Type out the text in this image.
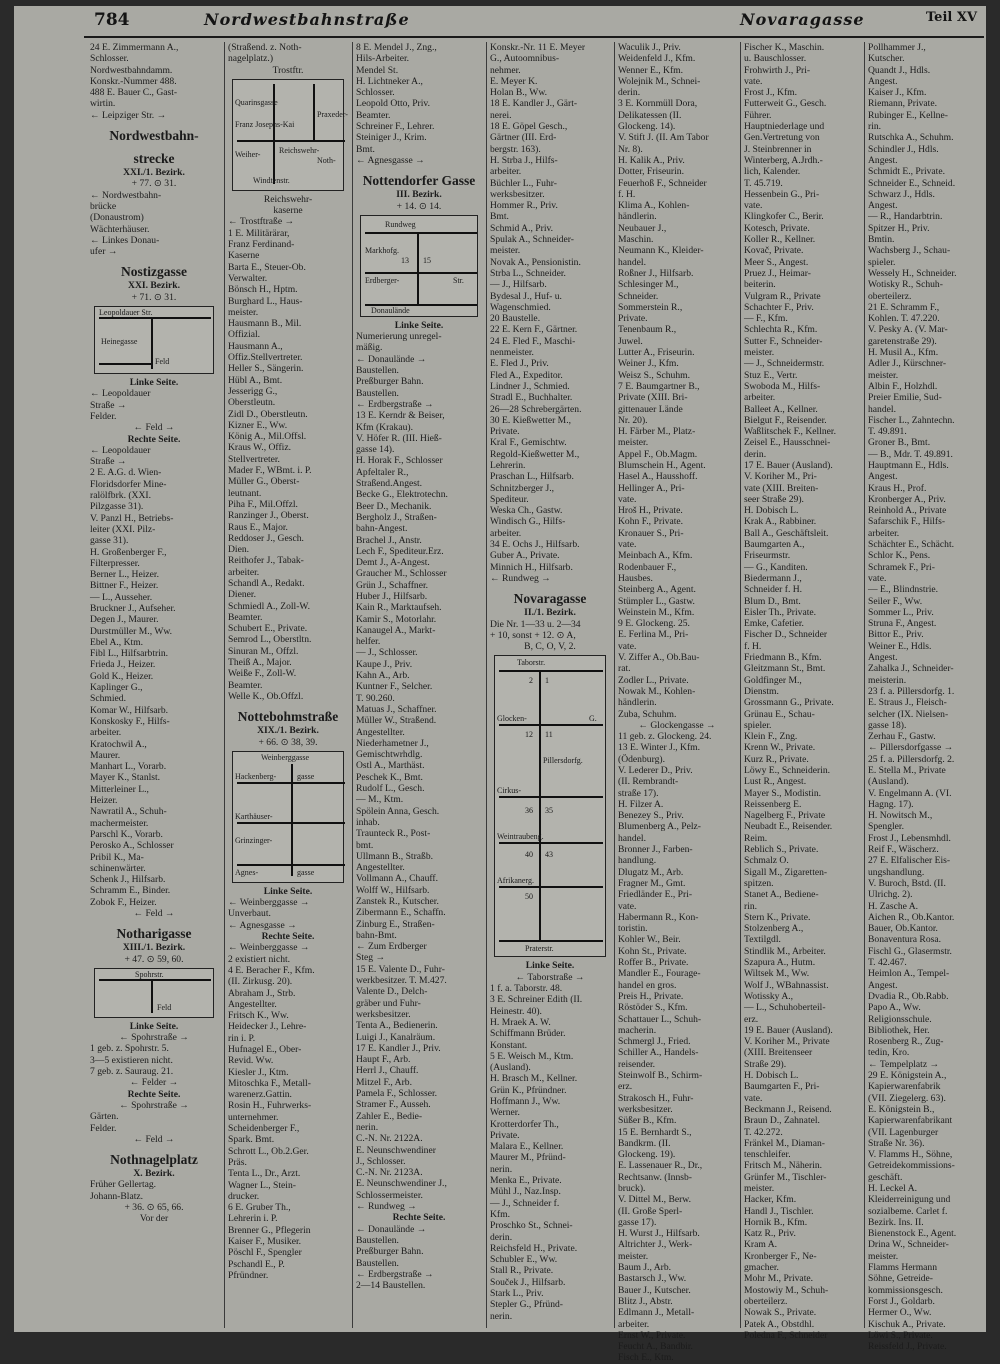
784	Nordwestbahnstraße	Novaragasse	Teil XV
24 E. Zimmermann A.,
Schlosser.
Nordwestbahndamm.
Konskr.-Nummer 488.
488 E. Bauer C., Gast-
wirtin.
← Leipziger Str. →
Nordwestbahn-
strecke
XXI./1. Bezirk.
+ 77. ⊙ 31.
← Nordwestbahn-
brücke
(Donaustrom)
Wächterhäuser.
← Linkes Donau-
ufer →
Nostizgasse
XXI. Bezirk.
+ 71. ⊙ 31.
Leopoldauer Str.
Heinegasse
Feld
Linke Seite.
← Leopoldauer
Straße →
Felder.
← Feld →
Rechte Seite.
← Leopoldauer
Straße →
2 E. A.G. d. Wien-
Floridsdorfer Mine-
ralölfbrk. (XXI.
Pilzgasse 31).
V. Panzl H., Betriebs-
leiter (XXI. Pilz-
gasse 31).
H. Großenberger F.,
Filterpresser.
Berner L., Heizer.
Bittner F., Heizer.
— L., Ausseher.
Bruckner J., Aufseher.
Degen J., Maurer.
Durstmüller M., Ww.
Ebel A., Ktm.
Fibl L., Hilfsarbtrin.
Frieda J., Heizer.
Gold K., Heizer.
Kaplinger G.,
Schmied.
Komar W., Hilfsarb.
Konskosky F., Hilfs-
arbeiter.
Kratochwil A.,
Maurer.
Manhart L., Vorarb.
Mayer K., Stanlst.
Mitterleiner L.,
Heizer.
Nawratil A., Schuh-
machermeister.
Parschl K., Vorarb.
Perosko A., Schlosser
Pribil K., Ma-
schinenwärter.
Schenk J., Hilfsarb.
Schramm E., Binder.
Zobok F., Heizer.
← Feld →
Notharigasse
XIII./1. Bezirk.
+ 47. ⊙ 59, 60.
Spohrstr.
Feld
Linke Seite.
← Spohrstraße →
1 geb. z. Spohrstr. 5.
3—5 existieren nicht.
7 geb. z. Sauraug. 21.
← Felder →
Rechte Seite.
← Spohrstraße →
Gärten.
Felder.
← Feld →
Nothnagelplatz
X. Bezirk.
Früher Gellertag.
Johann-Blatz.
+ 36. ⊙ 65, 66.
Vor der
(Straßend. z. Noth-
nagelplatz.)
Trostftr.
Quarinsgasse
Franz Josephs-Kai
Weiher-
Windtenstr.
Reichswehr-
Praxeder-
Noth-
Reichswehr-
kaserne
← Trostftraße →
1 E. Militärärar,
Franz Ferdinand-
Kaserne
Barta E., Steuer-Ob.
Verwalter.
Bönsch H., Hptm.
Burghard L., Haus-
meister.
Hausmann B., Mil.
Offizial.
Hausmann A.,
Offiz.Stellvertreter.
Heller S., Sängerin.
Hübl A., Bmt.
Jesserigg G.,
Oberstleutn.
Zidl D., Oberstleutn.
Kizner E., Ww.
König A., Mil.Offsl.
Kraus W., Offiz.
Stellvertreter.
Mader F., WBmt. i. P.
Müller G., Oberst-
leutnant.
Piha F., Mil.Offzl.
Ranzinger J., Oberst.
Raus E., Major.
Reddoser J., Gesch.
Dien.
Reithofer J., Tabak-
arbeiter.
Schandl A., Redakt.
Diener.
Schmiedl A., Zoll-W.
Beamter.
Schubert E., Private.
Semrod L., Oberstltn.
Sinuran M., Offzl.
Theiß A., Major.
Weiße F., Zoll-W.
Beamter.
Welle K., Ob.Offzl.
Nottebohmstraße
XIX./1. Bezirk.
+ 66. ⊙ 38, 39.
Weinberggasse
Hackenberg-	gasse
Karthäuser-
Grinzinger-
Agnes-	gasse
Linke Seite.
← Weinberggasse →
Unverbaut.
← Agnesgasse →
Rechte Seite.
← Weinberggasse →
2 existiert nicht.
4 E. Beracher F., Kfm.
(II. Zirkusg. 20).
Abraham J., Strb.
Angestellter.
Fritsch K., Ww.
Heidecker J., Lehre-
rin i. P.
Hufnagel E., Ober-
Revid. Ww.
Kiesler J., Ktm.
Mitoschka F., Metall-
warenerz.Gattin.
Rosin H., Fuhrwerks-
unternehmer.
Scheidenberger F.,
Spark. Bmt.
Schrott L., Ob.2.Ger.
Präs.
Tenta L., Dr., Arzt.
Wagner L., Stein-
drucker.
6 E. Gruber Th.,
Lehrerin i. P.
Brenner G., Pflegerin
Kaiser F., Musiker.
Pöschl F., Spengler
Pschandl E., P.
Pfründner.
8 E. Mendel J., Zng.,
Hils-Arbeiter.
Mendel St.
H. Lichtneker A.,
Schlosser.
Leopold Otto, Priv.
Beamter.
Schreiner F., Lehrer.
Steiniger J., Krim.
Bmt.
← Agnesgasse →
Nottendorfer Gasse
III. Bezirk.
+ 14. ⊙ 14.
Rundweg
Markhofg.
Erdberger-	Str.
Donaulände
13 15
Linke Seite.
Numerierung unregel-
mäßig.
← Donaulände →
Baustellen.
Preßburger Bahn.
Baustellen.
← Erdbergstraße →
13 E. Kerndr & Beiser,
Kfm (Krakau).
V. Höfer R. (III. Hieß-
gasse 14).
H. Horak F., Schlosser
Apfeltaler R.,
Straßend.Angest.
Becke G., Elektrotechn.
Beer D., Mechanik.
Bergholz J., Straßen-
bahn-Angest.
Brachel J., Anstr.
Lech F., Spediteur.Erz.
Demt J., A-Angest.
Graucher M., Schlosser
Grün J., Schaffner.
Huber J., Hilfsarb.
Kain R., Marktaufseh.
Kamir S., Motorlahr.
Kanaugel A., Markt-
helfer.
— J., Schlosser.
Kaupe J., Priv.
Kahn A., Arb.
Kuntner F., Selcher.
T. 90.260.
Matuas J., Schaffner.
Müller W., Straßend.
Angestellter.
Niederhametner J.,
Gemischtwrhdlg.
Ostl A., Marthäst.
Peschek K., Bmt.
Rudolf L., Gesch.
— M., Ktm.
Spölein Anna, Gesch.
inhab.
Traunteck R., Post-
bmt.
Ullmann B., Straßb.
Angestellter.
Vollmann A., Chauff.
Wolff W., Hilfsarb.
Zanstek R., Kutscher.
Zibermann E., Schaffn.
Zinburg E., Straßen-
bahn-Bmt.
← Zum Erdberger
Steg →
15 E. Valente D., Fuhr-
werkbesitzer. T. M.427.
Valente D., Delch-
gräber und Fuhr-
werksbesitzer.
Tenta A., Bedienerin.
Luigi J., Kanalräum.
17 E. Kandler J., Priv.
Haupt F., Arb.
Herrl J., Chauff.
Mitzel F., Arb.
Pamela F., Schlosser.
Stramer F., Ausseh.
Zahler E., Bedie-
nerin.
C.-N. Nr. 2122A.
E. Neunschwendiner
J., Schlosser.
C.-N. Nr. 2123A.
E. Neunschwendiner J.,
Schlossermeister.
← Rundweg →
Rechte Seite.
← Donaulände →
Baustellen.
Preßburger Bahn.
Baustellen.
← Erdbergstraße →
2—14 Baustellen.
Konskr.-Nr. 11 E. Meyer
G., Autoomnibus-
nehmer.
E. Meyer K.
Holan B., Ww.
18 E. Kandler J., Gärt-
nerei.
18 E. Göpel Gesch.,
Gärtner (III. Erd-
bergstr. 163).
H. Strba J., Hilfs-
arbeiter.
Büchler L., Fuhr-
werksbesitzer.
Hommer R., Priv.
Bmt.
Schmid A., Priv.
Spulak A., Schneider-
meister.
Novak A., Pensionistin.
Strba L., Schneider.
— J., Hilfsarb.
Bydesal J., Huf- u.
Wagenschmied.
20 Baustelle.
22 E. Kern F., Gärtner.
24 E. Fled F., Maschi-
nenmeister.
E. Fled J., Priv.
Fled A., Expeditor.
Lindner J., Schmied.
Stradl E., Buchhalter.
26—28 Schrebergärten.
30 E. Kießwetter M.,
Private.
Kral F., Gemischtw.
Regold-Kießwetter M.,
Lehrerin.
Praschan L., Hilfsarb.
Schnitzberger J.,
Spediteur.
Weska Ch., Gastw.
Windisch G., Hilfs-
arbeiter.
34 E. Ochs J., Hilfsarb.
Guber A., Private.
Minnich H., Hilfsarb.
← Rundweg →
Novaragasse
II./1. Bezirk.
Die Nr. 1—33 u. 2—34
+ 10, sonst + 12. ⊙ A,
B, C, O, V, 2.
Taborstr.
Glocken-	G.
Pillersdorfg.
Cirkus-
Weintraubeng.
Afrikanerg.
Praterstr.
2 1
12 11
35
40 43
50
36
Linke Seite.
← Taborstraße →
1 f. a. Taborstr. 48.
3 E. Schreiner Edith (II.
Heinestr. 40).
H. Mraek A. W.
Schiffmann Brüder.
Konstant.
5 E. Weisch M., Ktm.
(Ausland).
H. Brasch M., Kellner.
Grün K., Pfründner.
Hoffmann J., Ww.
Werner.
Krotterdorfer Th.,
Private.
Malara E., Kellner.
Maurer M., Pfründ-
nerin.
Menka E., Private.
Mühl J., Naz.Insp.
— J., Schneider f.
Kfm.
Proschko St., Schnei-
derin.
Reichsfeld H., Private.
Schubler E., Ww.
Stall R., Private.
Souček J., Hilfsarb.
Stark L., Priv.
Stepler G., Pfründ-
nerin.
Waculik J., Priv.
Weidenfeld J., Kfm.
Wenner E., Kfm.
Wolejnik M., Schnei-
derin.
3 E. Kornmüll Dora,
Delikatessen (II.
Glockeng. 14).
V. Stift J. (II. Am Tabor
Nr. 8).
H. Kalik A., Priv.
Dotter, Friseurin.
Feuerhoß F., Schneider
f. H.
Klima A., Kohlen-
händlerin.
Neubauer J.,
Maschin.
Neumann K., Kleider-
handel.
Roßner J., Hilfsarb.
Schlesinger M.,
Schneider.
Sommerstein R.,
Private.
Tenenbaum R.,
Juwel.
Lutter A., Friseurin.
Weiner J., Kfm.
Weisz S., Schuhm.
7 E. Baumgartner B.,
Private (XIII. Bri-
gittenauer Lände
Nr. 20).
H. Färber M., Platz-
meister.
Appel F., Ob.Magm.
Blumschein H., Agent.
Hasel A., Hausshoff.
Hellinger A., Pri-
vate.
Hroš H., Private.
Kohn F., Private.
Kronauer S., Pri-
vate.
Meinbach A., Kfm.
Rodenbauer F.,
Hausbes.
Steinberg A., Agent.
Stümpler L., Gastw.
Weinstein M., Kfm.
9 E. Glockeng. 25.
E. Ferlina M., Pri-
vate.
V. Ziffer A., Ob.Bau-
rat.
Zodler L., Private.
Nowak M., Kohlen-
händlerin.
Zuba, Schuhm.
← Glockengasse →
11 geb. z. Glockeng. 24.
13 E. Winter J., Kfm.
(Ödenburg).
V. Lederer D., Priv.
(II. Rembrandt-
straße 17).
H. Filzer A.
Benezey S., Priv.
Blumenberg A., Pelz-
handel.
Bronner J., Farben-
handlung.
Dlugatz M., Arb.
Fragner M., Gmt.
Friedländer E., Pri-
vate.
Habermann R., Kon-
toristin.
Kohler W., Beir.
Kohn St., Private.
Roffer B., Private.
Mandler E., Fourage-
handel en gros.
Preis H., Private.
Röstöder S., Kfm.
Schattauer L., Schuh-
macherin.
Schmergl J., Fried.
Schiller A., Handels-
reisender.
Steinwolf B., Schirm-
erz.
Strakosch H., Fuhr-
werksbesitzer.
Süßer B., Kfm.
15 E. Bernhardt S.,
Bandkrm. (II.
Glockeng. 19).
E. Lassenauer R., Dr.,
Rechtsanw. (Innsb-
bruck).
V. Dittel M., Berw.
(II. Große Sperl-
gasse 17).
H. Wurst J., Hilfsarb.
Altrichter J., Werk-
meister.
Baum J., Arb.
Bastarsch J., Ww.
Bauer J., Kutscher.
Blitz J., Abstr.
Edlmann J., Metall-
arbeiter.
Ernst W., Private.
Feucht A., Bandbir.
Fisch E., Ktm.
Fischer K., Maschin.
u. Bauschlosser.
Frohwirth J., Pri-
vate.
Frost J., Kfm.
Futterweit G., Gesch.
Führer.
Hauptniederlage und
Gen.Vertretung von
J. Steinbrenner in
Winterberg, A.Jrdh.-
lich, Kalender.
T. 45.719.
Hessenbein G., Pri-
vate.
Klingkofer C., Berir.
Kotesch, Private.
Koller R., Kellner.
Kovač, Private.
Meer S., Angest.
Pruez J., Heimar-
beiterin.
Vulgram R., Private
Schachter F., Priv.
— F., Kfm.
Schlechta R., Kfm.
Sutter F., Schneider-
meister.
— J., Schneidermstr.
Stuz E., Vertr.
Swoboda M., Hilfs-
arbeiter.
Balleet A., Kellner.
Bielgut F., Reisender.
Waßlitschek F., Kellner.
Zeisel E., Hausschnei-
derin.
17 E. Bauer (Ausland).
V. Koriher M., Pri-
vate (XIII. Breiten-
seer Straße 29).
H. Dobisch L.
Krak A., Rabbiner.
Ball A., Geschäftsleit.
Baumgarten A.,
Friseurmstr.
— G., Kanditen.
Biedermann J.,
Schneider f. H.
Blum D., Bmt.
Eisler Th., Private.
Emke, Cafetier.
Fischer D., Schneider
f. H.
Friedmann B., Kfm.
Gleitzmann St., Bmt.
Goldfinger M.,
Dienstm.
Grossmann G., Private.
Grünau E., Schau-
spieler.
Klein F., Zng.
Krenn W., Private.
Kurz R., Private.
Löwy E., Schneiderin.
Lust R., Angest.
Mayer S., Modistin.
Reissenberg E.
Nagelberg F., Private
Neubadt E., Reisender.
Reim.
Reblich S., Private.
Schmalz O.
Sigall M., Zigaretten-
spitzen.
Stanet A., Bediene-
rin.
Stern K., Private.
Stolzenberg A.,
Textilgdl.
Stindlik M., Arbeiter.
Szapura A., Hutm.
Wiltsek M., Ww.
Wolf J., WBahnassist.
Wotissky A.,
— L., Schuhoberteil-
erz.
19 E. Bauer (Ausland).
V. Koriher M., Private
(XIII. Breitenseer
Straße 29).
H. Dobisch L.
Baumgarten F., Pri-
vate.
Beckmann J., Reisend.
Braun D., Zahnatel.
T. 42.272.
Fränkel M., Diaman-
tenschleifer.
Fritsch M., Näherin.
Grünfer M., Tischler-
meister.
Hacker, Kfm.
Handl J., Tischler.
Hornik B., Kfm.
Katz R., Priv.
Kram A.
Kronberger F., Ne-
gmacher.
Mohr M., Private.
Mostowiy M., Schuh-
oberteilerz.
Nowak S., Private.
Patek A., Obstdhl.
Poledna F., Schneider
Pollhammer J.,
Kutscher.
Quandt J., Hdls.
Angest.
Kaiser J., Kfm.
Riemann, Private.
Rubinger E., Kellne-
rin.
Rutschka A., Schuhm.
Schindler J., Hdls.
Angest.
Schmidt E., Private.
Schneider E., Schneid.
Schwarz J., Hdls.
Angest.
— R., Handarbtrin.
Spitzer H., Priv.
Bmtin.
Wachsberg J., Schau-
spieler.
Wessely H., Schneider.
Wotisky R., Schuh-
oberteilerz.
21 E. Schramm F.,
Kohlen. T. 47.220.
V. Pesky A. (V. Mar-
garetenstraße 29).
H. Musil A., Kfm.
Adler J., Kürschner-
meister.
Albin F., Holzhdl.
Preier Emilie, Sud-
handel.
Fischer L., Zahntechn.
T. 49.891.
Groner B., Bmt.
— B., Mdr. T. 49.891.
Hauptmann E., Hdls.
Angest.
Kraus H., Prof.
Kronberger A., Priv.
Reinhold A., Private
Safarschik F., Hilfs-
arbeiter.
Schächter E., Schächt.
Schlor K., Pens.
Schramek F., Pri-
vate.
— E., Blindnstrie.
Seiler F., Ww.
Sommer L., Priv.
Struna F., Angest.
Bittor E., Priv.
Weiner E., Hdls.
Angest.
Zahalka J., Schneider-
meisterin.
23 f. a. Pillersdorfg. 1.
E. Straus J., Fleisch-
selcher (IX. Nielsen-
gasse 18).
Zerhau F., Gastw.
← Pillersdorfgasse →
25 f. a. Pillersdorfg. 2.
E. Stella M., Private
(Ausland).
V. Engelmann A. (VI.
Hagng. 17).
H. Nowitsch M.,
Spengler.
Frost J., Lebensmhdl.
Reif F., Wäscherz.
27 E. Elfalischer Eis-
ungshandlung.
V. Buroch, Bstd. (II.
Ulrichg. 2).
H. Zasche A.
Aichen R., Ob.Kantor.
Bauer, Ob.Kantor.
Bonaventura Rosa.
Fischl G., Glasermstr.
T. 42.467.
Heimlon A., Tempel-
Angest.
Dvadia R., Ob.Rabb.
Papo A., Ww.
Religionsschule.
Bibliothek, Her.
Rosenberg R., Zug-
tedin, Kro.
← Tempelplatz →
29 E. Königstein A.,
Kapierwarenfabrik
(VII. Ziegelerg. 63).
E. Königstein B.,
Kapierwarenfabrikant
(VII. Lagenburger
Straße Nr. 36).
V. Flamms H., Söhne,
Getreidekommissions-
geschäft.
H. Leckel A.
Kleiderreinigung und
sozialbeme. Carlet f.
Bezirk. Ins. II.
Bienenstock E., Agent.
Drina W., Schneider-
meister.
Flamms Hermann
Söhne, Getreide-
kommissionsgesch.
Forst J., Goldarb.
Hermer O., Ww.
Kischuk A., Private.
Löwi S., Private.
Reissfeld J., Private.
